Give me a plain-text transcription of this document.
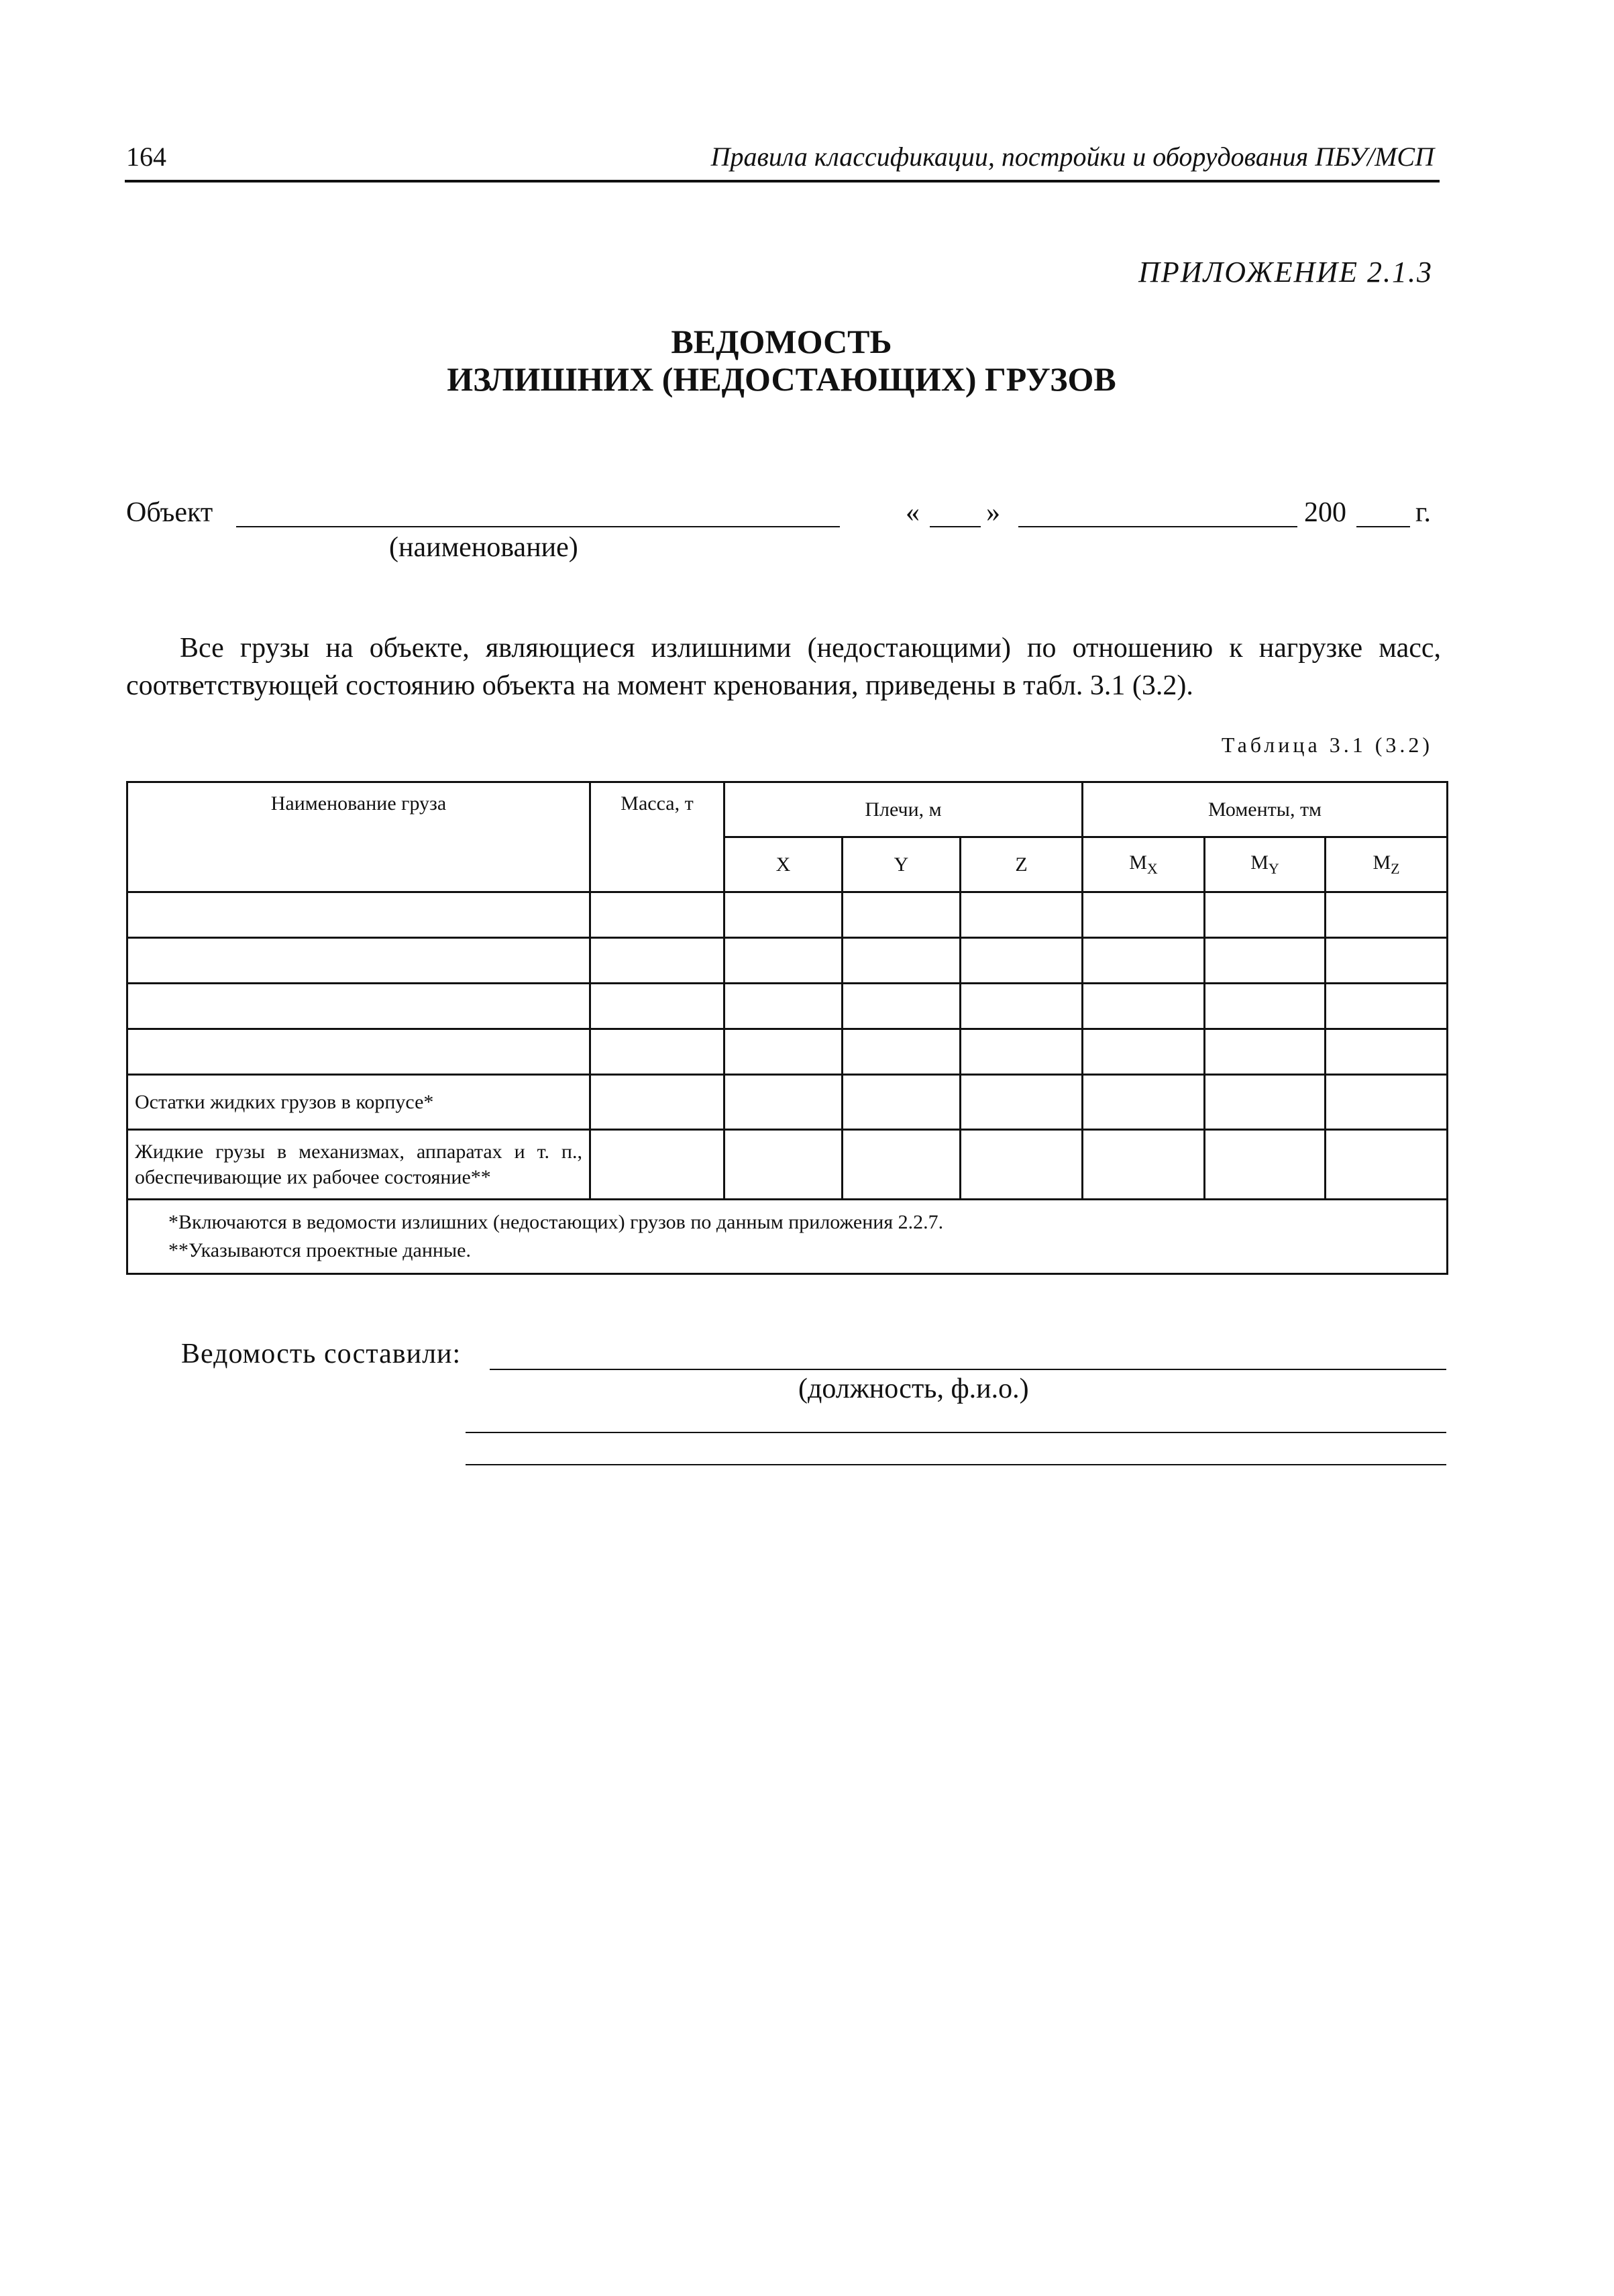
164	Правила классификации, постройки и оборудования ПБУ/МСП
ПРИЛОЖЕНИЕ 2.1.3
ВЕДОМОСТЬ
ИЗЛИШНИХ (НЕДОСТАЮЩИХ) ГРУЗОВ
Объект
(наименование)
« »	200 г.
Все грузы на объекте, являющиеся излишними (недостающими) по отношению к нагрузке масс, соответствующей состоянию объекта на момент кренования, приведены в табл. 3.1 (3.2).
Таблица 3.1 (3.2)
Наименование груза	Масса, т	Плечи, м			Моменты, тм		
		X	Y	Z	$M_X$	$M_Y$	$M_Z$

Остатки жидких грузов в корпусе*							
Жидкие грузы в механизмах, аппаратах и т. п., обеспечивающие их рабочее состояние**							

*Включаются в ведомости излишних (недостающих) грузов по данным приложения 2.2.7.
**Указываются проектные данные.							
Ведомость составили:
(должность, ф.и.о.)
